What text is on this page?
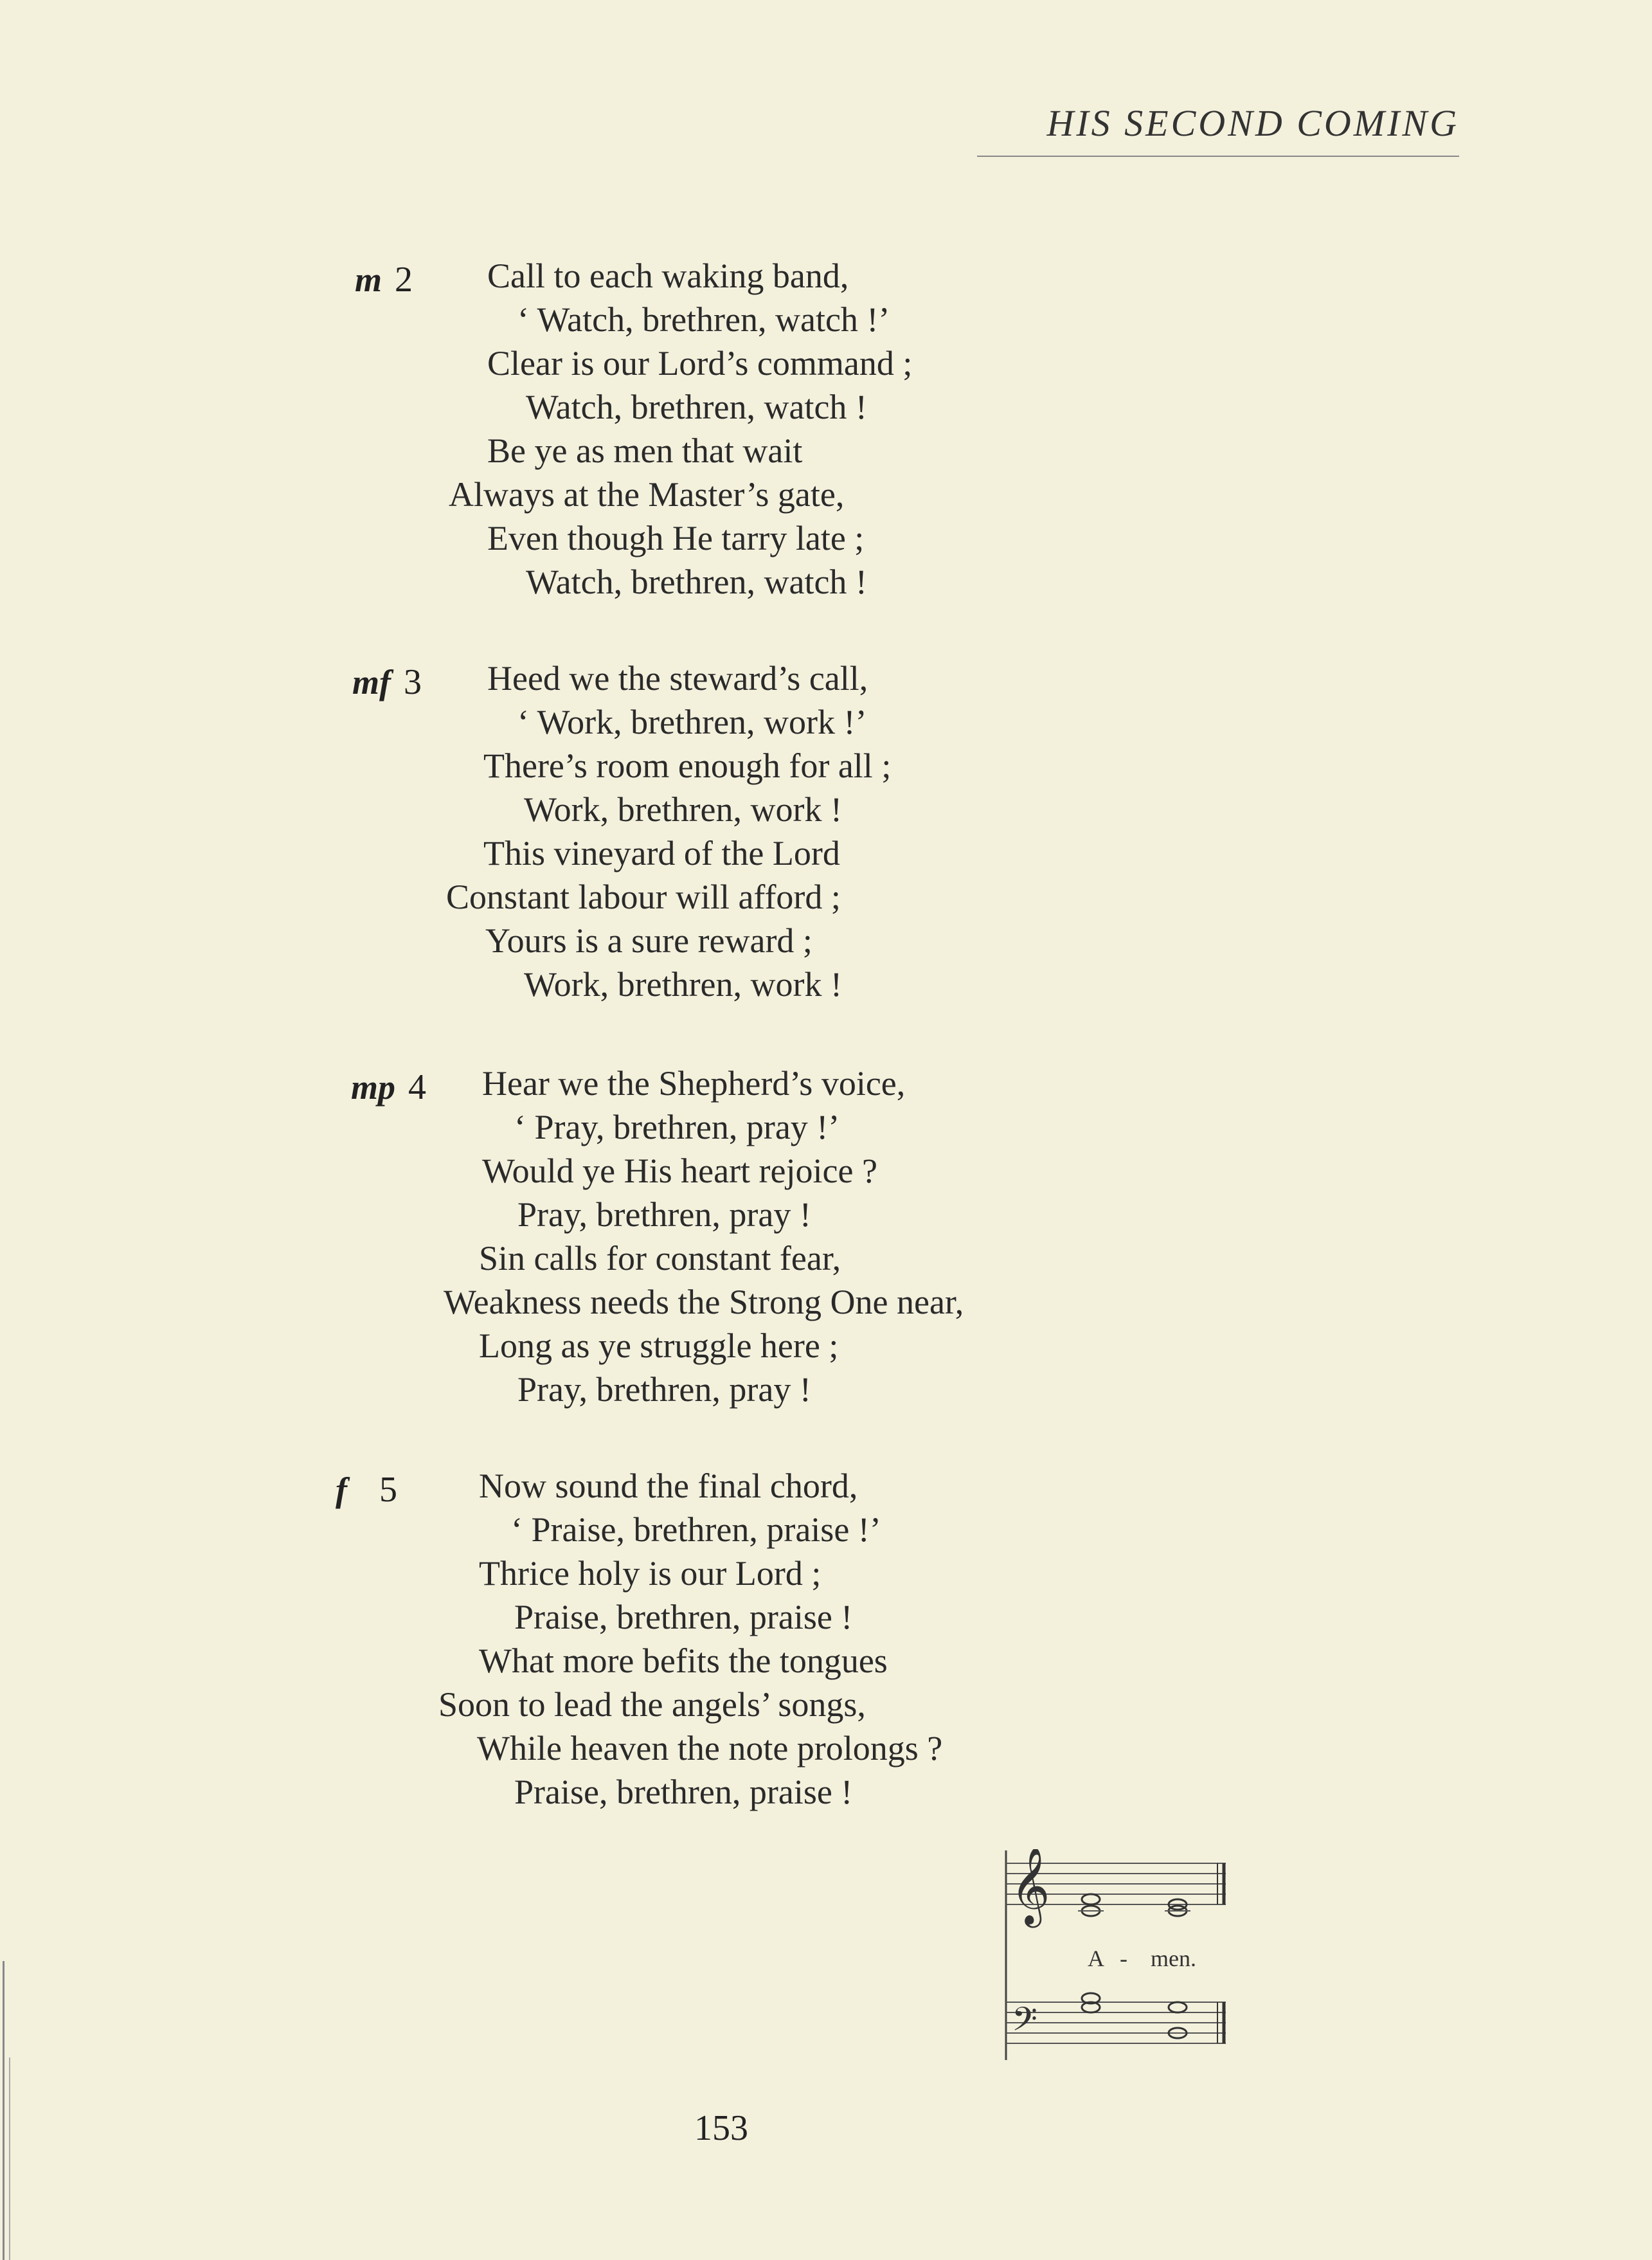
HIS SECOND COMING
m 2 Call to each waking band,
‘ Watch, brethren, watch !’
Clear is our Lord’s command ;
Watch, brethren, watch !
Be ye as men that wait
Always at the Master’s gate,
Even though He tarry late ;
Watch, brethren, watch !
mf 3 Heed we the steward’s call,
‘ Work, brethren, work !’
There’s room enough for all ;
Work, brethren, work !
This vineyard of the Lord
Constant labour will afford ;
Yours is a sure reward ;
Work, brethren, work !
mp 4 Hear we the Shepherd’s voice,
‘ Pray, brethren, pray !’
Would ye His heart rejoice ?
Pray, brethren, pray !
Sin calls for constant fear,
Weakness needs the Strong One near,
Long as ye struggle here ;
Pray, brethren, pray !
f 5 Now sound the final chord,
‘ Praise, brethren, praise !’
Thrice holy is our Lord ;
Praise, brethren, praise !
What more befits the tongues
Soon to lead the angels’ songs,
While heaven the note prolongs ?
Praise, brethren, praise !
𝄞
A - men.
𝄢
153
